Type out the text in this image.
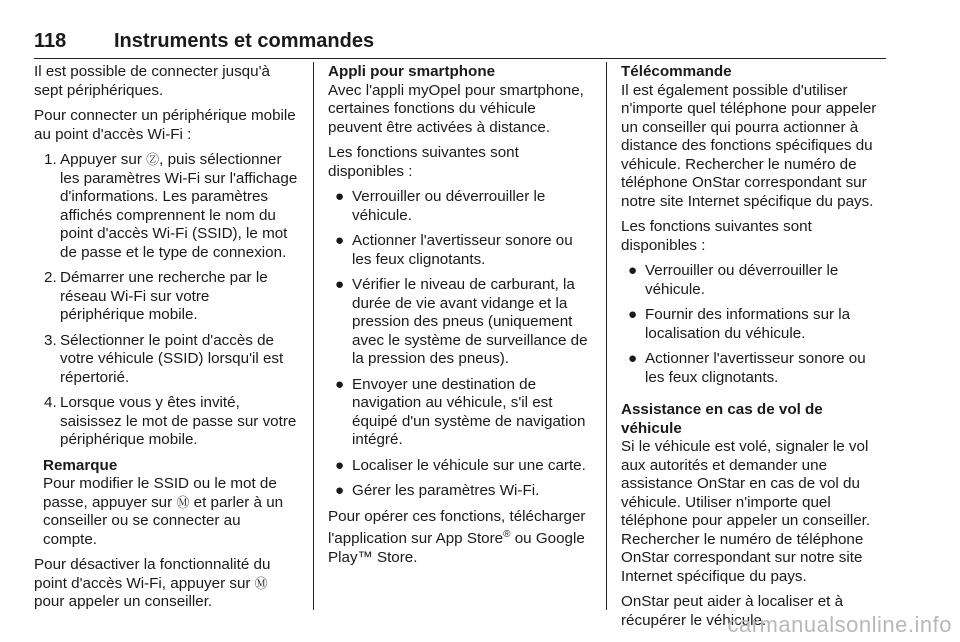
118 Instruments et commandes

Il est possible de connecter jusqu'à sept périphériques.

Pour connecter un périphérique mobile au point d'accès Wi-Fi :

1. Appuyer sur Ⓩ, puis sélectionner les paramètres Wi-Fi sur l'affichage d'informations. Les paramètres affichés comprennent le nom du point d'accès Wi-Fi (SSID), le mot de passe et le type de connexion.
2. Démarrer une recherche par le réseau Wi-Fi sur votre périphérique mobile.
3. Sélectionner le point d'accès de votre véhicule (SSID) lorsqu'il est répertorié.
4. Lorsque vous y êtes invité, saisissez le mot de passe sur votre périphérique mobile.

Remarque

Pour modifier le SSID ou le mot de passe, appuyer sur Ⓜ et parler à un conseiller ou se connecter au compte.

Pour désactiver la fonctionnalité du point d'accès Wi-Fi, appuyer sur Ⓜ pour appeler un conseiller.

Appli pour smartphone

Avec l'appli myOpel pour smartphone, certaines fonctions du véhicule peuvent être activées à distance.

Les fonctions suivantes sont disponibles :

● Verrouiller ou déverrouiller le véhicule.
● Actionner l'avertisseur sonore ou les feux clignotants.
● Vérifier le niveau de carburant, la durée de vie avant vidange et la pression des pneus (uniquement avec le système de surveillance de la pression des pneus).
● Envoyer une destination de navigation au véhicule, s'il est équipé d'un système de navigation intégré.
● Localiser le véhicule sur une carte.
● Gérer les paramètres Wi-Fi.

Pour opérer ces fonctions, télécharger l'application sur App Store® ou Google Play™ Store.

Télécommande

Il est également possible d'utiliser n'importe quel téléphone pour appeler un conseiller qui pourra actionner à distance des fonctions spécifiques du véhicule. Rechercher le numéro de téléphone OnStar correspondant sur notre site Internet spécifique du pays.

Les fonctions suivantes sont disponibles :

● Verrouiller ou déverrouiller le véhicule.
● Fournir des informations sur la localisation du véhicule.
● Actionner l'avertisseur sonore ou les feux clignotants.

Assistance en cas de vol de véhicule

Si le véhicule est volé, signaler le vol aux autorités et demander une assistance OnStar en cas de vol du véhicule. Utiliser n'importe quel téléphone pour appeler un conseiller. Rechercher le numéro de téléphone OnStar correspondant sur notre site Internet spécifique du pays.

OnStar peut aider à localiser et à récupérer le véhicule.

carmanualsonline.info
